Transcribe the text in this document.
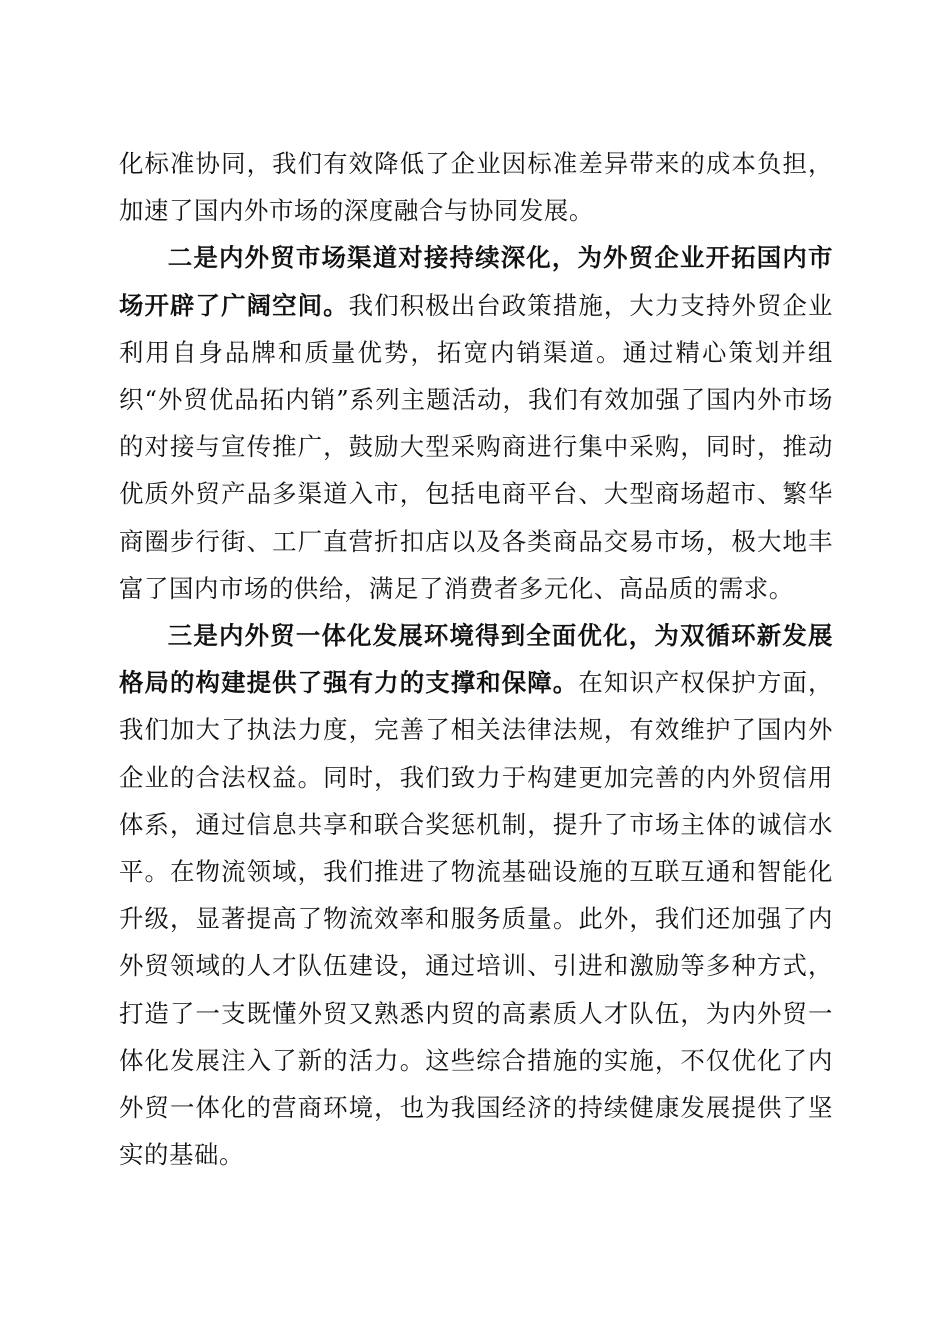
化标准协同，我们有效降低了企业因标准差异带来的成本负担，加速了国内外市场的深度融合与协同发展。

二是内外贸市场渠道对接持续深化，为外贸企业开拓国内市场开辟了广阔空间。我们积极出台政策措施，大力支持外贸企业利用自身品牌和质量优势，拓宽内销渠道。通过精心策划并组织“外贸优品拓内销”系列主题活动，我们有效加强了国内外市场的对接与宣传推广，鼓励大型采购商进行集中采购，同时，推动优质外贸产品多渠道入市，包括电商平台、大型商场超市、繁华商圈步行街、工厂直营折扣店以及各类商品交易市场，极大地丰富了国内市场的供给，满足了消费者多元化、高品质的需求。

三是内外贸一体化发展环境得到全面优化，为双循环新发展格局的构建提供了强有力的支撑和保障。在知识产权保护方面，我们加大了执法力度，完善了相关法律法规，有效维护了国内外企业的合法权益。同时，我们致力于构建更加完善的内外贸信用体系，通过信息共享和联合奖惩机制，提升了市场主体的诚信水平。在物流领域，我们推进了物流基础设施的互联互通和智能化升级，显著提高了物流效率和服务质量。此外，我们还加强了内外贸领域的人才队伍建设，通过培训、引进和激励等多种方式，打造了一支既懂外贸又熟悉内贸的高素质人才队伍，为内外贸一体化发展注入了新的活力。这些综合措施的实施，不仅优化了内外贸一体化的营商环境，也为我国经济的持续健康发展提供了坚实的基础。
